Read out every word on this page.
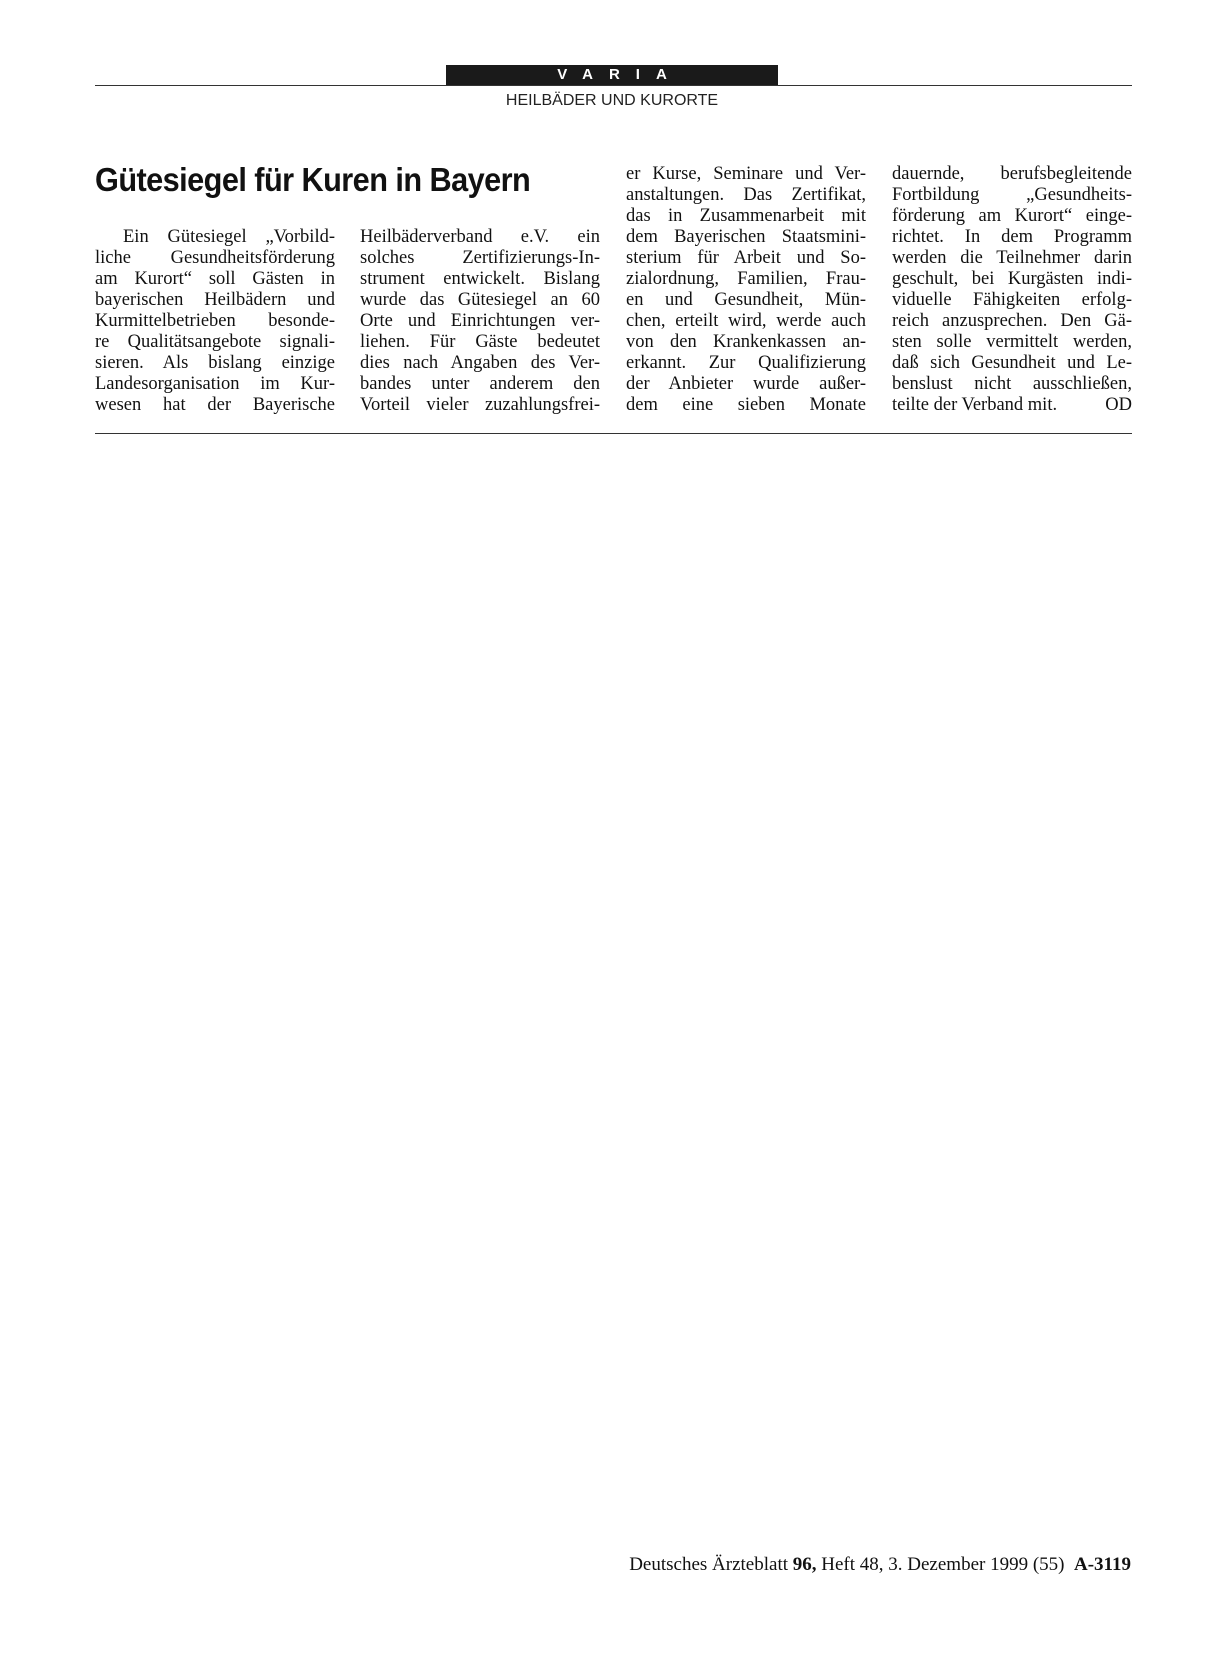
VARIA
HEILBÄDER UND KURORTE
Gütesiegel für Kuren in Bayern
Ein Gütesiegel „Vorbild-
liche Gesundheitsförderung
am Kurort“ soll Gästen in
bayerischen Heilbädern und
Kurmittelbetrieben besonde-
re Qualitätsangebote signali-
sieren. Als bislang einzige
Landesorganisation im Kur-
wesen hat der Bayerische
Heilbäderverband e.V. ein
solches Zertifizierungs-In-
strument entwickelt. Bislang
wurde das Gütesiegel an 60
Orte und Einrichtungen ver-
liehen. Für Gäste bedeutet
dies nach Angaben des Ver-
bandes unter anderem den
Vorteil vieler zuzahlungsfrei-
er Kurse, Seminare und Ver-
anstaltungen. Das Zertifikat,
das in Zusammenarbeit mit
dem Bayerischen Staatsmini-
sterium für Arbeit und So-
zialordnung, Familien, Frau-
en und Gesundheit, Mün-
chen, erteilt wird, werde auch
von den Krankenkassen an-
erkannt. Zur Qualifizierung
der Anbieter wurde außer-
dem eine sieben Monate
dauernde, berufsbegleitende
Fortbildung „Gesundheits-
förderung am Kurort“ einge-
richtet. In dem Programm
werden die Teilnehmer darin
geschult, bei Kurgästen indi-
viduelle Fähigkeiten erfolg-
reich anzusprechen. Den Gä-
sten solle vermittelt werden,
daß sich Gesundheit und Le-
benslust nicht ausschließen,
teilte der Verband mit.	OD
Deutsches Ärzteblatt 96, Heft 48, 3. Dezember 1999 (55) A-3119
